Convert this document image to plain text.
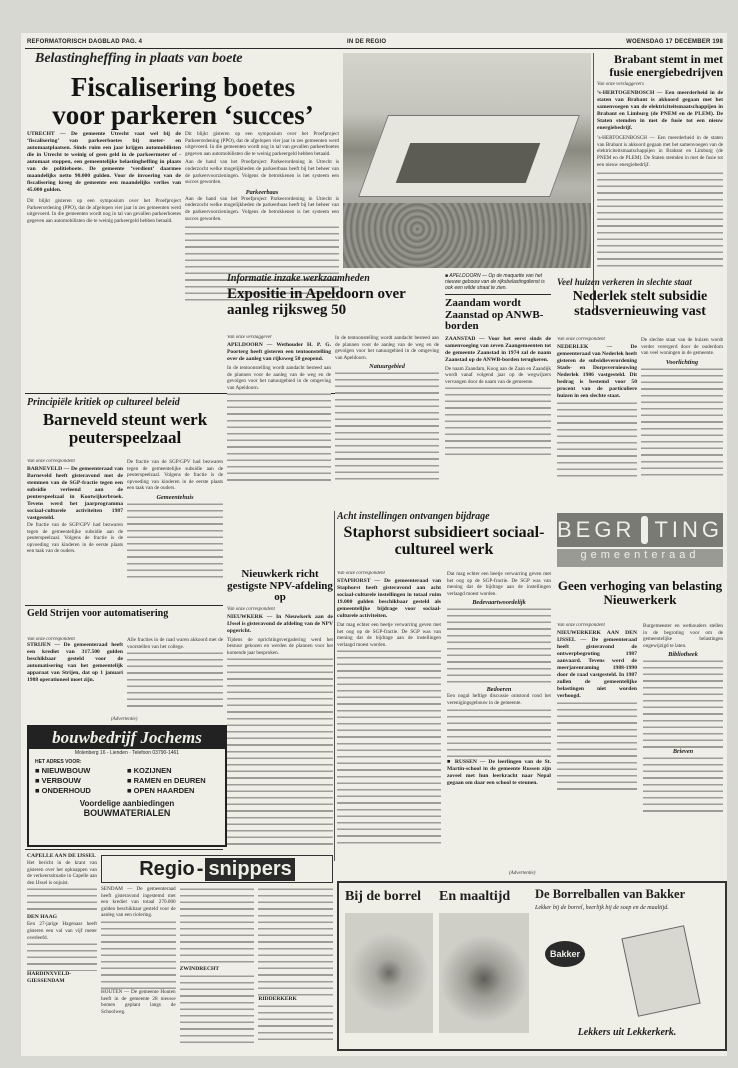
REFORMATORISCH DAGBLAD PAG. 4	IN DE REGIO	WOENSDAG 17 DECEMBER 198
Belastingheffing in plaats van boete
Fiscalisering boetes
voor parkeren ‘succes’
UTRECHT — De gemeente Utrecht vaat wel bij de ‘fiscalisering’ van parkeerboetes bij meter- en automaatplaatsen. Sinds ruim een jaar krijgen automobilisten die in Utrecht te weinig of geen geld in de parkeermeter of -automaat stoppen, een gemeentelijke belastingheffing in plaats van de politieboete. De gemeente ‘verdient’ daarmee maandelijks netto 90.000 gulden. Voor de invoering van de fiscalisering kreeg de gemeente een maandelijks verlies van 45.000 gulden.
Dit blijkt gisteren op een symposium over het Proefproject Parkeerordening (PPO), dat de afgelopen vier jaar in zes gemeenten werd uitgevoerd. In die gemeenten wordt nog in tal van gevallen parkeerboetes gegeven aan automobilisten die te weinig parkeergeld hebben betaald.
Dit blijkt gisteren op een symposium over het Proefproject Parkeerordening (PPO), dat de afgelopen vier jaar in zes gemeenten werd uitgevoerd. In die gemeenten wordt nog in tal van gevallen parkeerboetes gegeven aan automobilisten die te weinig parkeergeld hebben betaald.
Aan de hand van het Proefproject Parkeerordening in Utrecht is onderzocht welke mogelijkheden de parkeerbaas heeft bij het beheer van de parkeervoorzieningen. Volgens de betrokkenen is het systeem een succes geworden.
Parkeerbaas
Aan de hand van het Proefproject Parkeerordening in Utrecht is onderzocht welke mogelijkheden de parkeerbaas heeft bij het beheer van de parkeervoorzieningen. Volgens de betrokkenen is het systeem een succes geworden.
Brabant stemt in met fusie energiebedrijven
Van onze verslaggevers
’s-HERTOGENBOSCH — Een meerderheid in de staten van Brabant is akkoord gegaan met het samenvoegen van de elektriciteitsmaatschappijen in Brabant en Limburg (de PNEM en de PLEM). De Staten stemden in met de fusie tot een nieuw energiebedrijf.
’s-HERTOGENBOSCH — Een meerderheid in de staten van Brabant is akkoord gegaan met het samenvoegen van de elektriciteitsmaatschappijen in Brabant en Limburg (de PNEM en de PLEM). De Staten stemden in met de fusie tot een nieuw energiebedrijf.
Informatie inzake werkzaamheden
Expositie in Apeldoorn over aanleg rijksweg 50
Van onze verslaggever
APELDOORN — Wethouder H. P. G. Poorterg heeft gisteren een tentoonstelling over de aanleg van rijksweg 50 geopend.
In de tentoonstelling wordt aandacht besteed aan de plannen voor de aanleg van de weg en de gevolgen voor het natuurgebied in de omgeving van Apeldoorn.
In de tentoonstelling wordt aandacht besteed aan de plannen voor de aanleg van de weg en de gevolgen voor het natuurgebied in de omgeving van Apeldoorn.
Natuurgebied
■ APELDOORN — Op de maquette van het nieuwe gebouw van de rijksbelastingdienst is ook een wilde straat te zien.
Zaandam wordt Zaanstad op ANWB-borden
ZAANSTAD — Voor het eerst sinds de samenvoeging van zeven Zaangemeenten tot de gemeente Zaanstad in 1974 zal de naam Zaanstad op de ANWB-borden terugkeren.
De naam Zaandam, Koog aan de Zaan en Zaandijk wordt vanaf volgend jaar op de wegwijzers vervangen door de naam van de gemeente.
Veel huizen verkeren in slechte staat
Nederlek stelt subsidie stadsvernieuwing vast
Van onze correspondent
NEDERLEK — De gemeenteraad van Nederlek heeft gisteren de subsidieverordening Stads- en Dorpsvernieuwing Nederlek 1986 vastgesteld. Dit bedrag is bestemd voor 50 procent van de particuliere huizen in een slechte staat.
De slechte staat van de huizen wordt verder verergerd door de ouderdom van veel woningen in de gemeente.
Voorlichting
Principiële kritiek op cultureel beleid
Barneveld steunt werk peuterspeelzaal
Van onze correspondent
BARNEVELD — De gemeenteraad van Barneveld heeft gisteravond met de stemmen van de SGP-fractie tegen een subsidie verleend aan de peuterspeelzaal in Kootwijkerbroek. Tevens werd het jaarprogramma sociaal-culturele activiteiten 1987 vastgesteld.
De fractie van de SGP/GPV had bezwaren tegen de gemeentelijke subsidie aan de peuterspeelzaal. Volgens de fractie is de opvoeding van kinderen in de eerste plaats een taak van de ouders.
De fractie van de SGP/GPV had bezwaren tegen de gemeentelijke subsidie aan de peuterspeelzaal. Volgens de fractie is de opvoeding van kinderen in de eerste plaats een taak van de ouders.
Gemeentehuis
Geld Strijen voor automatisering
Van onze correspondent
STRIJEN — De gemeenteraad heeft een krediet van 317.500 gulden beschikbaar gesteld voor de automatisering van het gemeentelijk apparaat van Strijen, dat op 1 januari 1988 operationeel moet zijn.
Alle fracties in de raad waren akkoord met de voorstellen van het college.
(Advertentie)
bouwbedrijf Jochems
Molenberg 16 - Lienden · Telefoon 03790-1461
HET ADRES VOOR:
■ NIEUWBOUW	■ KOZIJNEN
■ VERBOUW	■ RAMEN en DEUREN
■ ONDERHOUD	■ OPEN HAARDEN
Voordelige aanbiedingen
BOUWMATERIALEN
Nieuwkerk richt gestigste NPV-afdeling op
Van onze correspondent
NIEUWKERK — In Nieuwkerk aan de IJssel is gisteravond de afdeling van de NPV opgericht.
Tijdens de oprichtingsvergadering werd het bestuur gekozen en werden de plannen voor het komende jaar besproken.
Acht instellingen ontvangen bijdrage
Staphorst subsidieert sociaal-cultureel werk
Van onze correspondent
STAPHORST — De gemeenteraad van Staphorst heeft gisteravond aan acht sociaal-culturele instellingen in totaal ruim 19.000 gulden beschikbaar gesteld als gemeentelijke bijdrage voor sociaal-culturele activiteiten.
Dat mag echter een beetje verwarring geven met het oog op de SGP-fractie. De SGP was van mening dat de bijdrage aan de instellingen verlaagd moest worden.
Dat mag echter een beetje verwarring geven met het oog op de SGP-fractie. De SGP was van mening dat de bijdrage aan de instellingen verlaagd moest worden.
Bedevaartwoordelijk
Bedoeren
Een nogal heftige discussie ontstond rond het verenigingsgebouw in de gemeente.
■ RUSSEN — De leerlingen van de St. Martin-school in de gemeente Russen zijn zoveel met hun leerkracht naar Nepal gegaan om daar een school te steunen.
BEGR TING
gemeenteraad
Geen verhoging van belasting Nieuwerkerk
Van onze correspondent
NIEUWERKERK AAN DEN IJSSEL — De gemeenteraad heeft gisteravond de ontwerpbegroting 1987 aanvaard. Tevens werd de meerjarenraming 1988-1990 door de raad vastgesteld. In 1987 zullen de gemeentelijke belastingen niet worden verhoogd.
Burgemeester en wethouders stellen in de begroting voor om de gemeentelijke belastingen ongewijzigd te laten.
Bibliotheek
Brieven
CAPELLE AAN DE IJSSEL
Het bericht in de krant van gisteren over het opknappen van de verkeerssituatie in Capelle aan den IJssel is onjuist.
DEN HAAG
Een 27-jarige Hagenaar heeft gisteren een val van vijf meter overleefd.
HARDINXVELD-GIESSENDAM
Regio - snippers
SENDAM — De gemeenteraad heeft gisteravond ingestemd met een krediet van totaal 270.000 gulden beschikbaar gesteld voor de aanleg van een riolering.
HOUTEN — De gemeente Houten heeft in de gemeente 28 nieuwe bomen geplant langs de Schoolweg.
ZWINDRECHT
RIDDERKERK
(Advertentie)
Bij de borrel	En maaltijd	De Borrelballen van Bakker
Lekker bij de borrel, heerlijk bij de soep en de maaltijd.
Bakker
Lekkers uit Lekkerkerk.
